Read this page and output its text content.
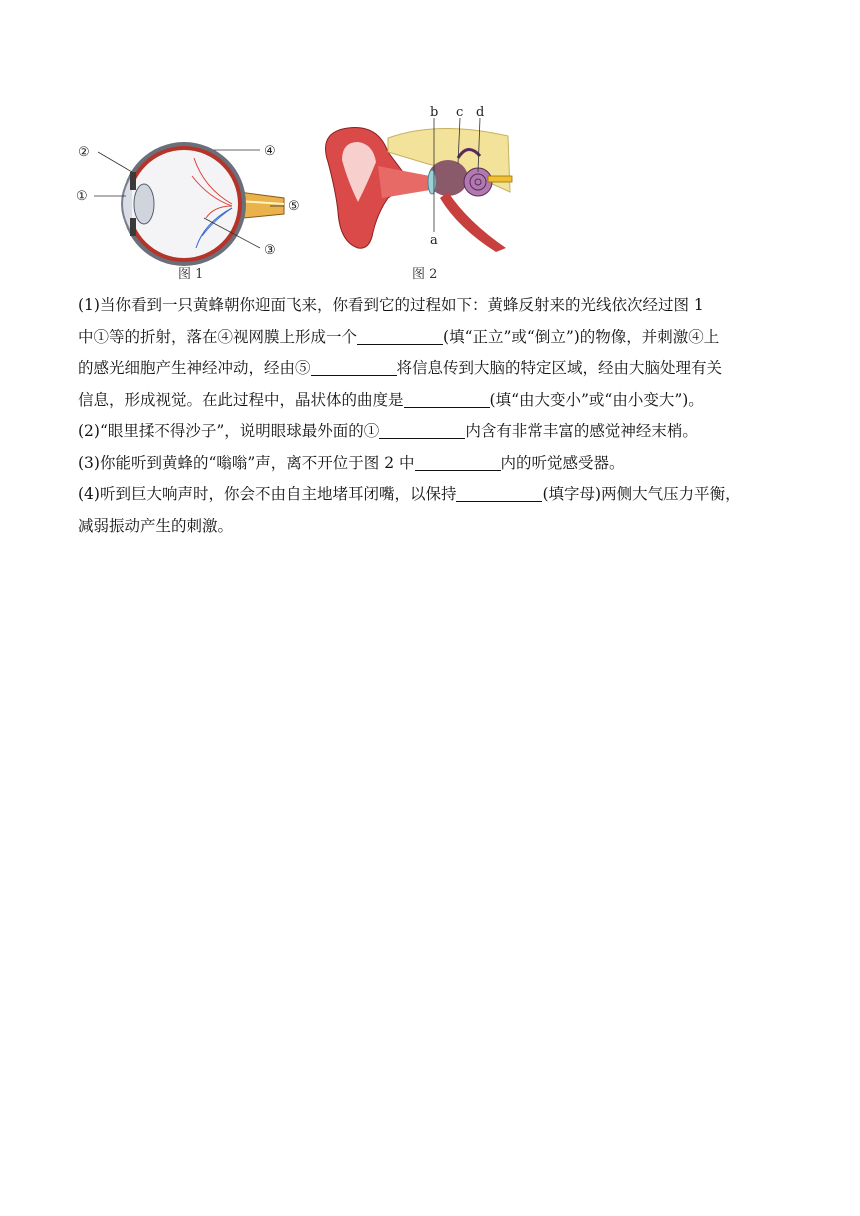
②
①
④
⑤
③
图 1
b c d
a
图 2
(1)当你看到一只黄蜂朝你迎面飞来，你看到它的过程如下：黄蜂反射来的光线依次经过图 1
中①等的折射，落在④视网膜上形成一个	(填“正立”或“倒立”)的物像，并刺激④上
的感光细胞产生神经冲动，经由⑤	将信息传到大脑的特定区域，经由大脑处理有关
信息，形成视觉。在此过程中，晶状体的曲度是	(填“由大变小”或“由小变大”)。
(2)“眼里揉不得沙子”，说明眼球最外面的①	内含有非常丰富的感觉神经末梢。
(3)你能听到黄蜂的“嗡嗡”声，离不开位于图 2 中	内的听觉感受器。
(4)听到巨大响声时，你会不由自主地堵耳闭嘴，以保持	(填字母)两侧大气压力平衡，
减弱振动产生的刺激。
